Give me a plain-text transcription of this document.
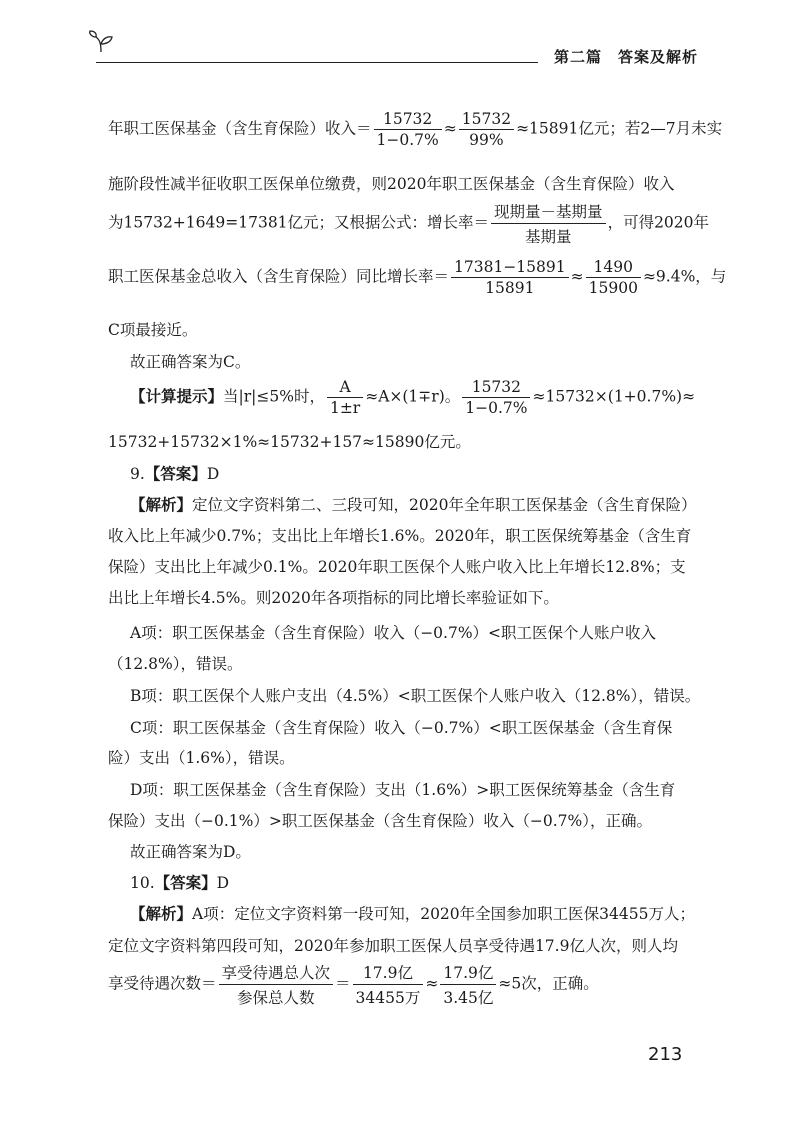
第二篇　答案及解析
年职工医保基金（含生育保险）收入＝ $\frac{15732}{1-0.7\%} \approx \frac{15732}{99\%} \approx 15891$亿元；若2—7月未实
施阶段性减半征收职工医保单位缴费，则2020年职工医保基金（含生育保险）收入
为15732+1649=17381亿元；又根据公式：增长率＝ $\frac{\text{现期量－基期量}}{\text{基期量}}$ ，可得2020年
职工医保基金总收入（含生育保险）同比增长率＝ $\frac{17381-15891}{15891} \approx \frac{1490}{15900} \approx 9.4\%$，与
C项最接近。
故正确答案为C。
【计算提示】当|r|≤5%时， $\frac{A}{1\pm r} \approx A\times(1\mp r)$。 $\frac{15732}{1-0.7\%} \approx 15732\times(1+0.7\%)\approx$
15732+15732×1%≈15732+157≈15890亿元。
9.【答案】D
【解析】定位文字资料第二、三段可知，2020年全年职工医保基金（含生育保险）
收入比上年减少0.7%；支出比上年增长1.6%。2020年，职工医保统筹基金（含生育
保险）支出比上年减少0.1%。2020年职工医保个人账户收入比上年增长12.8%；支
出比上年增长4.5%。则2020年各项指标的同比增长率验证如下。
A项：职工医保基金（含生育保险）收入（−0.7%）<职工医保个人账户收入
（12.8%），错误。
B项：职工医保个人账户支出（4.5%）<职工医保个人账户收入（12.8%），错误。
C项：职工医保基金（含生育保险）收入（−0.7%）<职工医保基金（含生育保
险）支出（1.6%），错误。
D项：职工医保基金（含生育保险）支出（1.6%）>职工医保统筹基金（含生育
保险）支出（−0.1%）>职工医保基金（含生育保险）收入（−0.7%），正确。
故正确答案为D。
10.【答案】D
【解析】A项：定位文字资料第一段可知，2020年全国参加职工医保34455万人；
定位文字资料第四段可知，2020年参加职工医保人员享受待遇17.9亿人次，则人均
享受待遇次数＝ $\frac{\text{享受待遇总人次}}{\text{参保总人数}} = \frac{\text{17.9亿}}{\text{34455万}} \approx \frac{\text{17.9亿}}{\text{3.45亿}} \approx 5$次，正确。
213
